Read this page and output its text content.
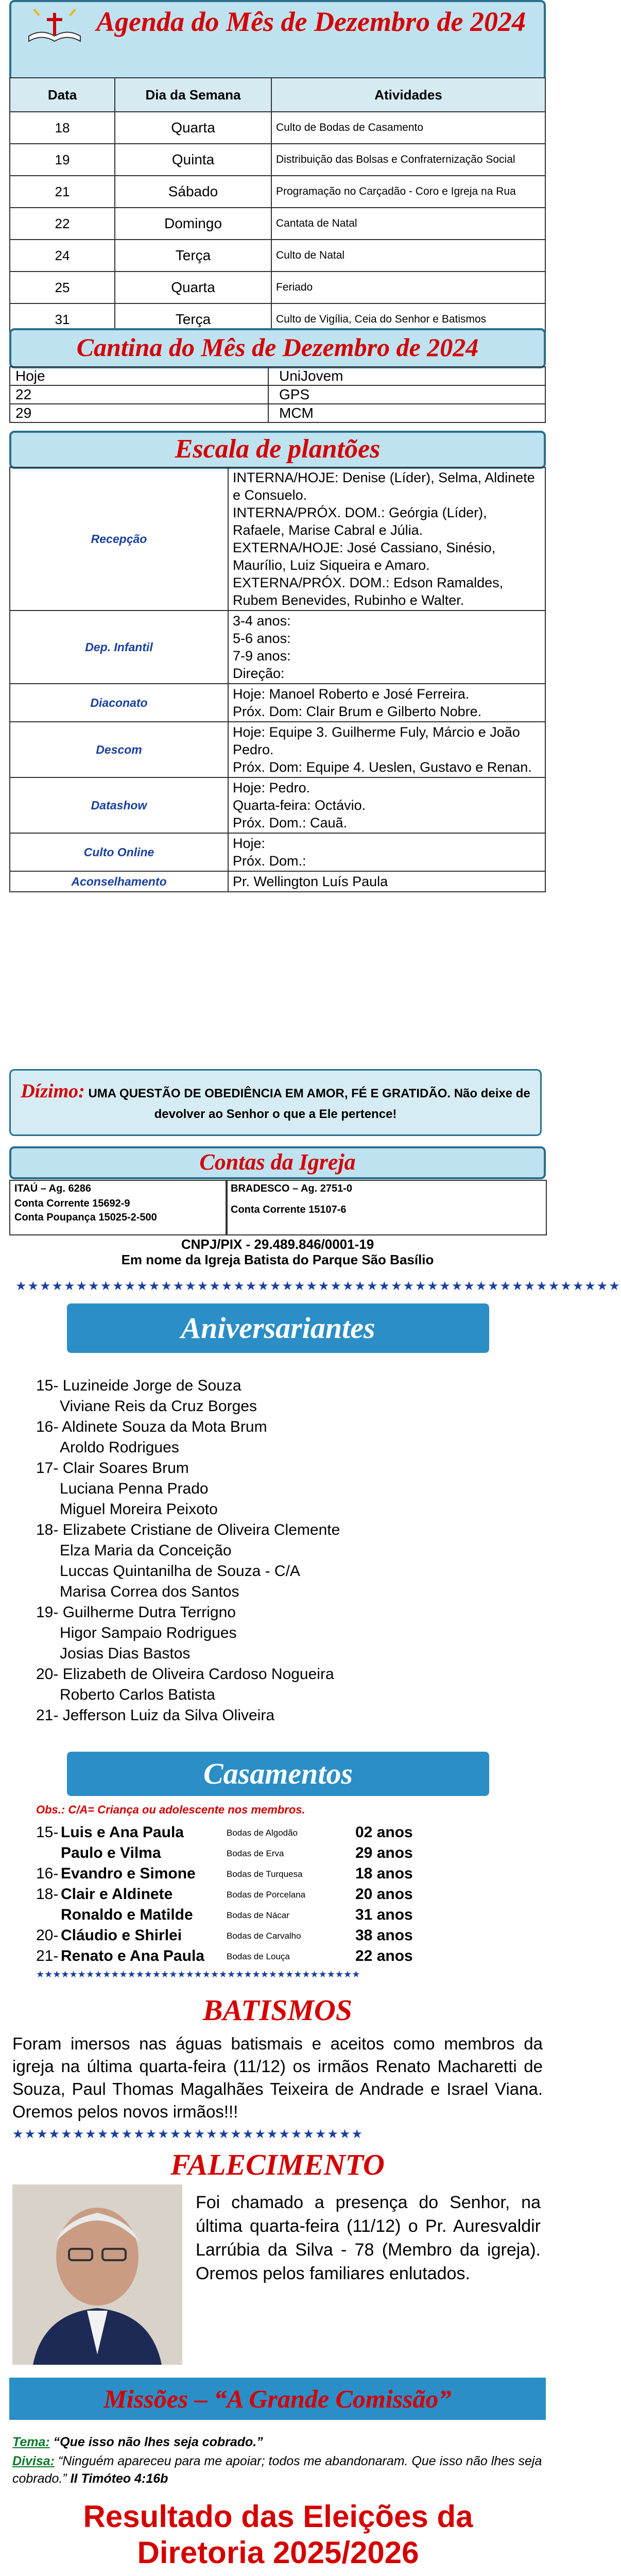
Agenda do Mês de Dezembro de 2024
Data	Dia da Semana	Atividades
18	Quarta	Culto de Bodas de Casamento
19	Quinta	Distribuição das Bolsas e Confraternização Social
21	Sábado	Programação no Carçadão - Coro e Igreja na Rua
22	Domingo	Cantata de Natal
24	Terça	Culto de Natal
25	Quarta	Feriado
31	Terça	Culto de Vigília, Ceia do Senhor e Batismos
Cantina do Mês de Dezembro de 2024
Hoje	UniJovem
22	GPS
29	MCM
Escala de plantões
Recepção	INTERNA/HOJE: Denise (Líder), Selma, Aldinete e Consuelo.
INTERNA/PRÓX. DOM.: Geórgia (Líder), Rafaele, Marise Cabral e Júlia.
EXTERNA/HOJE: José Cassiano, Sinésio, Maurílio, Luiz Siqueira e Amaro.
EXTERNA/PRÓX. DOM.: Edson Ramaldes, Rubem Benevides, Rubinho e Walter.

Dep. Infantil	3-4 anos:
5-6 anos:
7-9 anos:
Direção:

Diaconato	Hoje: Manoel Roberto e José Ferreira.
Próx. Dom: Clair Brum e Gilberto Nobre.

Descom	Hoje: Equipe 3. Guilherme Fuly, Márcio e João Pedro.
Próx. Dom: Equipe 4. Ueslen, Gustavo e Renan.

Datashow	Hoje: Pedro.
Quarta-feira: Octávio.
Próx. Dom.: Cauã.

Culto Online	Hoje:
Próx. Dom.:

Aconselhamento	Pr. Wellington Luís Paula
Dízimo: UMA QUESTÃO DE OBEDIÊNCIA EM AMOR, FÉ E GRATIDÃO. Não deixe de devolver ao Senhor o que a Ele pertence!
Contas da Igreja
ITAÚ – Ag. 6286
Conta Corrente 15692-9
Conta Poupança 15025-2-500
BRADESCO – Ag. 2751-0
Conta Corrente 15107-6
CNPJ/PIX - 29.489.846/0001-19
Em nome da Igreja Batista do Parque São Basílio
★★★★★★★★★★★★★★★★★★★★★★★★★★★★★★★★★★★★★★★★★★★★★★★★★★
Aniversariantes
15- Luzineide Jorge de Souza
Viviane Reis da Cruz Borges
16- Aldinete Souza da Mota Brum
Aroldo Rodrigues
17- Clair Soares Brum
Luciana Penna Prado
Miguel Moreira Peixoto
18- Elizabete Cristiane de Oliveira Clemente
Elza Maria da Conceição
Luccas Quintanilha de Souza - C/A
Marisa Correa dos Santos
19- Guilherme Dutra Terrigno
Higor Sampaio Rodrigues
Josias Dias Bastos
20- Elizabeth de Oliveira Cardoso Nogueira
Roberto Carlos Batista
21- Jefferson Luiz da Silva Oliveira
Casamentos
Obs.: C/A= Criança ou adolescente nos membros.
15- Luis e Ana Paula	Bodas de Algodão	02 anos
Paulo e Vilma	Bodas de Erva	29 anos
16- Evandro e Simone	Bodas de Turquesa	18 anos
18- Clair e Aldinete	Bodas de Porcelana	20 anos
Ronaldo e Matilde	Bodas de Nácar	31 anos
20- Cláudio e Shirlei	Bodas de Carvalho	38 anos
21- Renato e Ana Paula	Bodas de Louça	22 anos
★★★★★★★★★★★★★★★★★★★★★★★★★★★★★★★★★★★★★★★
BATISMOS
Foram imersos nas águas batismais e aceitos como membros da igreja na última quarta-feira (11/12) os irmãos Renato Macharetti de Souza, Paul Thomas Magalhães Teixeira de Andrade e Israel Viana. Oremos pelos novos irmãos!!!
★★★★★★★★★★★★★★★★★★★★★★★★★★★★★
FALECIMENTO
Foi chamado a presença do Senhor, na última quarta-feira (11/12) o Pr. Auresvaldir Larrúbia da Silva - 78 (Membro da igreja). Oremos pelos familiares enlutados.
Missões – “A Grande Comissão”
Tema: “Que isso não lhes seja cobrado.”
Divisa: “Ninguém apareceu para me apoiar; todos me abandonaram. Que isso não lhes seja cobrado.” II Timóteo 4:16b
Resultado das Eleições da Diretoria 2025/2026
